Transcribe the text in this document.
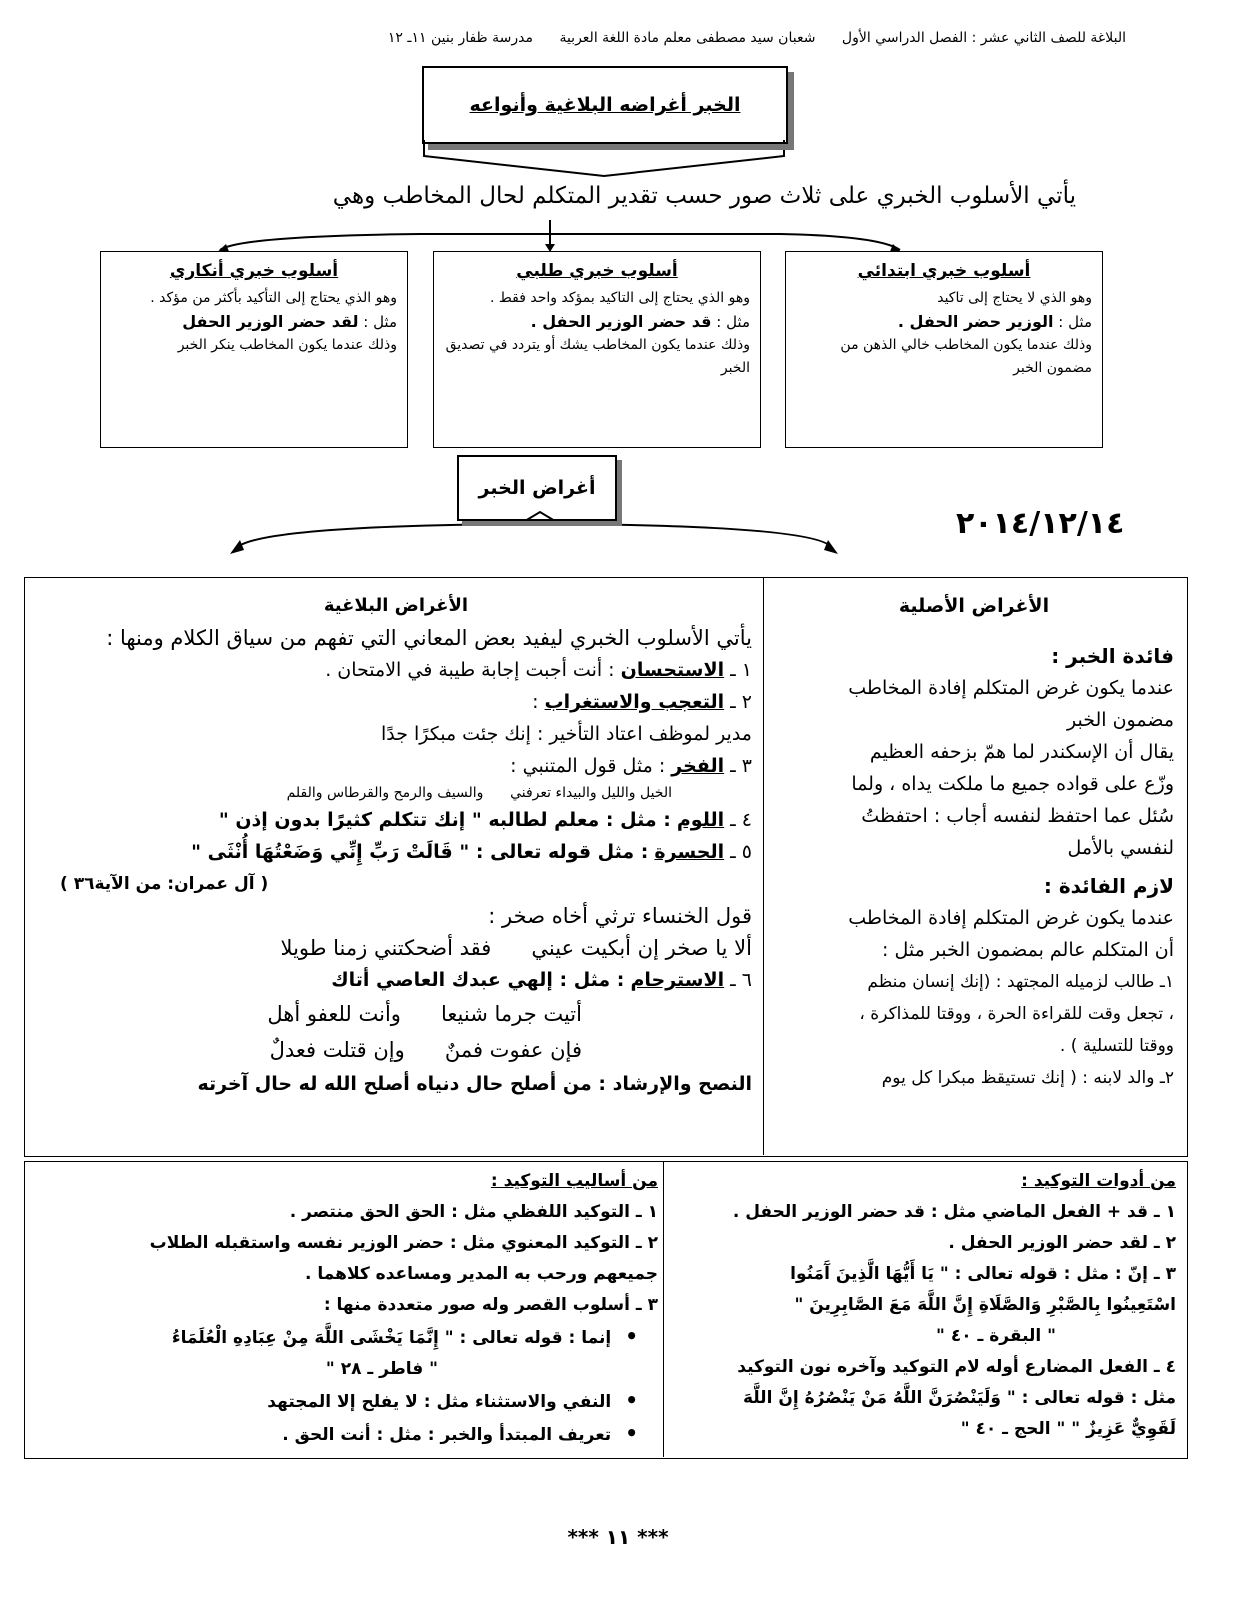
البلاغة للصف الثاني عشر : الفصل الدراسي الأول شعبان سيد مصطفى معلم مادة اللغة العربية مدرسة ظفار بنين ١١ـ ١٢
الخبر أغراضه البلاغية وأنواعه
يأتي الأسلوب الخبري على ثلاث صور حسب تقدير المتكلم لحال المخاطب وهي
أسلوب خبري ابتدائي
وهو الذي لا يحتاج إلى تاكيد
مثل : الوزير حضر الحفل .
وذلك عندما يكون المخاطب خالي الذهن من مضمون الخبر
أسلوب خبري طلبي
وهو الذي يحتاج إلى التاكيد بمؤكد واحد فقط .
مثل : قد حضر الوزير الحفل .
وذلك عندما يكون المخاطب يشك أو يتردد في تصديق الخبر
أسلوب خبري أنكاري
وهو الذي يحتاج إلى التأكيد بأكثر من مؤكد .
مثل : لقد حضر الوزير الحفل
وذلك عندما يكون المخاطب ينكر الخبر
أغراض الخبر
٢٠١٤/١٢/١٤
الأغراض الأصلية
فائدة الخبر :
عندما يكون غرض المتكلم إفادة المخاطب
مضمون الخبر
يقال أن الإسكندر لما همّ بزحفه العظيم
وزّع على قواده جميع ما ملكت يداه ، ولما
سُئل عما احتفظ لنفسه أجاب : احتفظتُ
لنفسي بالأمل
لازم الفائدة :
عندما يكون غرض المتكلم إفادة المخاطب
أن المتكلم عالم بمضمون الخبر مثل :
١ـ طالب لزميله المجتهد : (إنك إنسان منظم
، تجعل وقت للقراءة الحرة ، ووقتا للمذاكرة ،
ووقتا للتسلية ) .
٢ـ والد لابنه : ( إنك تستيقظ مبكرا كل يوم
الأغراض البلاغية
يأتي الأسلوب الخبري ليفيد بعض المعاني التي تفهم من سياق الكلام ومنها :
١ ـ الاستحسان : أنت أجبت إجابة طيبة في الامتحان .
٢ ـ التعجب والاستغراب :
مدير لموظف اعتاد التأخير : إنك جئت مبكرًا جدًا
٣ ـ الفخر : مثل قول المتنبي :
الخيل والليل والبيداء تعرفني      والسيف والرمح والقرطاس والقلم
٤ ـ اللوم : مثل : معلم لطالبه " إنك تتكلم كثيرًا بدون إذن "
٥ ـ الحسرة : مثل قوله تعالى : " قَالَتْ رَبِّ إِنِّي وَضَعْتُهَا أُنْثَى "
( آل عمران: من الآية٣٦ )
قول الخنساء ترثي أخاه صخر :
ألا يا صخر إن أبكيت عيني      فقد أضحكتني زمنا طويلا
٦ ـ الاسترحام : مثل : إلهي عبدك العاصي أتاك
أتيت جرما شنيعا      وأنت للعفو أهل
فإن عفوت فمنٌ      وإن قتلت فعدلٌ
النصح والإرشاد : من أصلح حال دنياه أصلح الله له حال آخرته
من أدوات التوكيد :
١ ـ قد + الفعل الماضي مثل : قد حضر الوزير الحفل .
٢ ـ لقد حضر الوزير الحفل .
٣ ـ إنّ : مثل : قوله تعالى : " يَا أَيُّهَا الَّذِينَ آَمَنُوا
اسْتَعِينُوا بِالصَّبْرِ وَالصَّلَاةِ إِنَّ اللَّهَ مَعَ الصَّابِرِينَ "
" البقرة ـ ٤٠ "
٤ ـ الفعل المضارع أوله لام التوكيد وآخره نون التوكيد
مثل : قوله تعالى : " وَلَيَنْصُرَنَّ اللَّهُ مَنْ يَنْصُرُهُ إِنَّ اللَّهَ
لَقَوِيٌّ عَزِيزٌ " " الحج ـ ٤٠ "
من أساليب التوكيد :
١ ـ التوكيد اللفظي مثل : الحق الحق منتصر .
٢ ـ التوكيد المعنوي مثل : حضر الوزير نفسه واستقبله الطلاب
جميعهم ورحب به المدير ومساعده كلاهما .
٣ ـ أسلوب القصر وله صور متعددة منها :
• إنما : قوله تعالى : " إِنَّمَا يَخْشَى اللَّهَ مِنْ عِبَادِهِ الْعُلَمَاءُ
" فاطر ـ ٢٨ "
• النفي والاستثناء مثل : لا يفلح إلا المجتهد
• تعريف المبتدأ والخبر : مثل : أنت الحق .
*** ١١ ***
